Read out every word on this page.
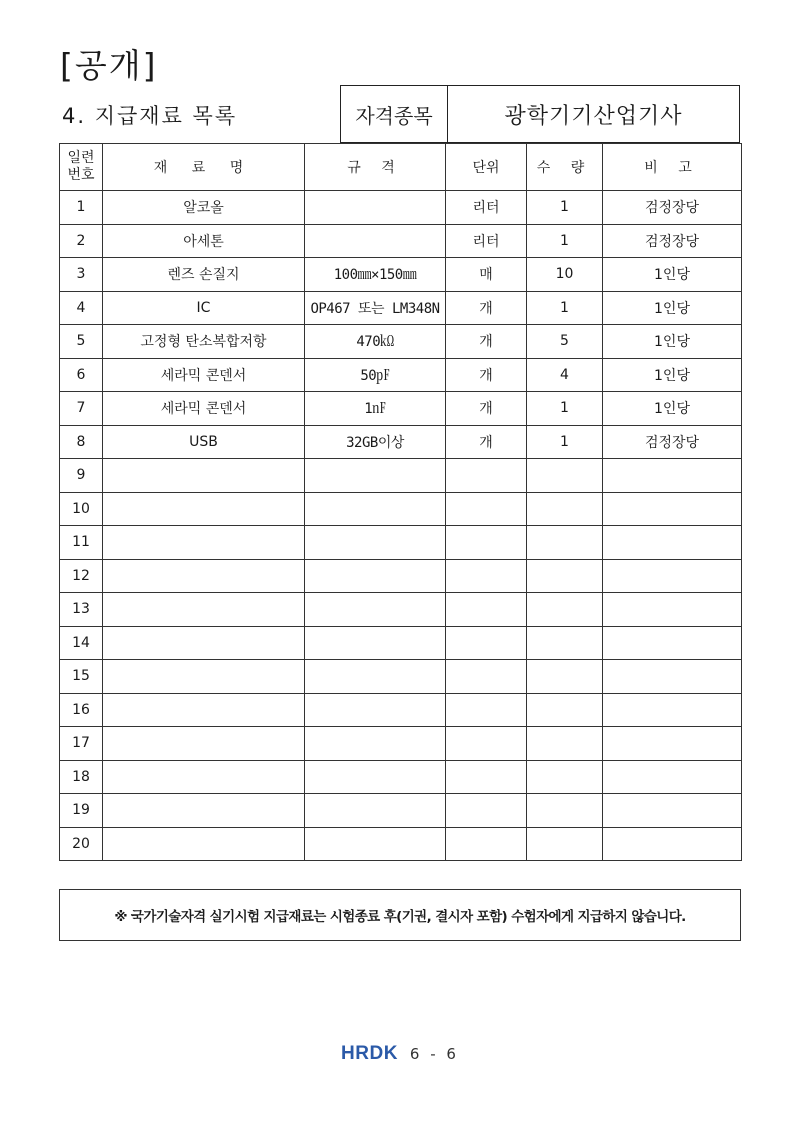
[공개]
4. 지급재료 목록	자격종목	광학기기산업기사
일련
번호	재 료 명	규 격	단위	수 량	비 고
1	알코올		리터	1	검정장당
2	아세톤		리터	1	검정장당
3	렌즈 손질지	100㎜×150㎜	매	10	1인당
4	IC	OP467 또는 LM348N	개	1	1인당
5	고정형 탄소복합저항	470㏀	개	5	1인당
6	세라믹 콘덴서	50㎊	개	4	1인당
7	세라믹 콘덴서	1㎋	개	1	1인당
8	USB	32GB이상	개	1	검정장당
9					
10					
11					
12					
13					
14					
15					
16					
17					
18					
19					
20					
※ 국가기술자격 실기시험 지급재료는 시험종료 후(기권, 결시자 포함) 수험자에게 지급하지 않습니다.
HRDK 6 - 6
